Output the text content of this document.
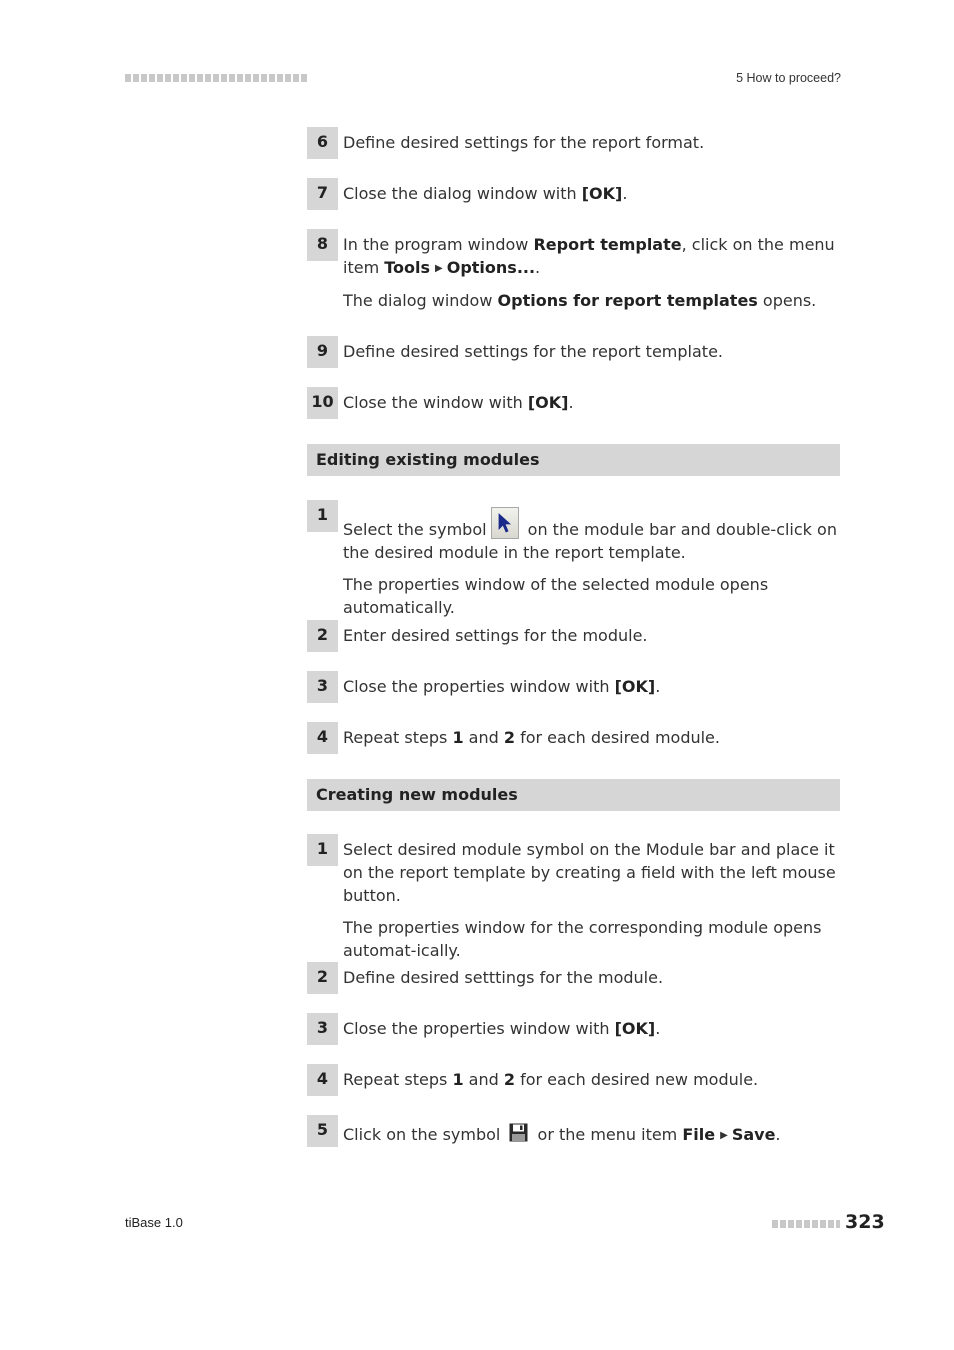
5 How to proceed?
6 Define desired settings for the report format.

7 Close the dialog window with [OK].

8 In the program window Report template, click on the menu item Tools ▶ Options....

The dialog window Options for report templates opens.

9 Define desired settings for the report template.

10 Close the window with [OK].

Editing existing modules
1

Select the symbol
on the module bar and double-click on the desired module in the report template.

The properties window of the selected module opens automatically.

2 Enter desired settings for the module.

3 Close the properties window with [OK].

4 Repeat steps 1 and 2 for each desired module.

Creating new modules
1 Select desired module symbol on the Module bar and place it on the report template by creating a field with the left mouse button.

The properties window for the corresponding module opens automat-ically.

2 Define desired setttings for the module.

3 Close the properties window with [OK].

4 Repeat steps 1 and 2 for each desired new module.

5 Click on the symbol  or the menu item File ▶ Save.

tiBase 1.0	323
